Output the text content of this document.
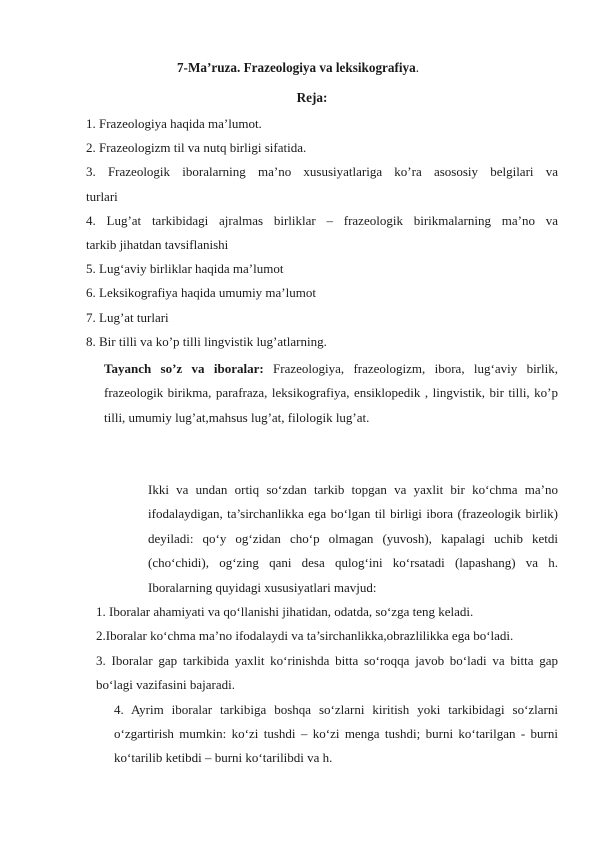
7-Ma’ruza. Frazeologiya va leksikografiya.
Reja:
1. Frazeologiya haqida ma’lumot.
2. Frazeologizm til va nutq birligi sifatida.
3. Frazeologik iboralarning ma’no xususiyatlariga ko’ra asososiy belgilari va
turlari
4. Lug’at tarkibidagi ajralmas birliklar – frazeologik birikmalarning ma’no va
tarkib jihatdan tavsiflanishi
5. Lug‘aviy birliklar haqida ma’lumot
6. Leksikografiya haqida umumiy ma’lumot
7. Lug’at turlari
8. Bir tilli va ko’p tilli lingvistik lug’atlarning.

Tayanch so’z va iboralar: Frazeologiya, frazeologizm, ibora, lug‘aviy birlik, frazeologik birikma, parafraza, leksikografiya, ensiklopedik , lingvistik, bir tilli, ko’p tilli, umumiy lug’at,mahsus lug’at, filologik lug’at.

Ikki va undan ortiq so‘zdan tarkib topgan va yaxlit bir ko‘chma ma’no ifodalaydigan, ta’sirchanlikka ega bo‘lgan til birligi ibora (frazeologik birlik) deyiladi: qo‘y og‘zidan cho‘p olmagan (yuvosh), kapalagi uchib ketdi (cho‘chidi), og‘zing qani desa qulog‘ini ko‘rsatadi (lapashang) va h. Iboralarning quyidagi xususiyatlari mavjud:

1. Iboralar ahamiyati va qo‘llanishi jihatidan, odatda, so‘zga teng keladi.

2.Iboralar ko‘chma ma’no ifodalaydi va ta’sirchanlikka,obrazlilikka ega bo‘ladi.

3. Iboralar gap tarkibida yaxlit ko‘rinishda bitta so‘roqqa javob bo‘ladi va bitta gap bo‘lagi vazifasini bajaradi.

4. Ayrim iboralar tarkibiga boshqa so‘zlarni kiritish yoki tarkibidagi so‘zlarni o‘zgartirish mumkin: ko‘zi tushdi – ko‘zi menga tushdi; burni ko‘tarilgan - burni ko‘tarilib ketibdi – burni ko‘tarilibdi va h.
